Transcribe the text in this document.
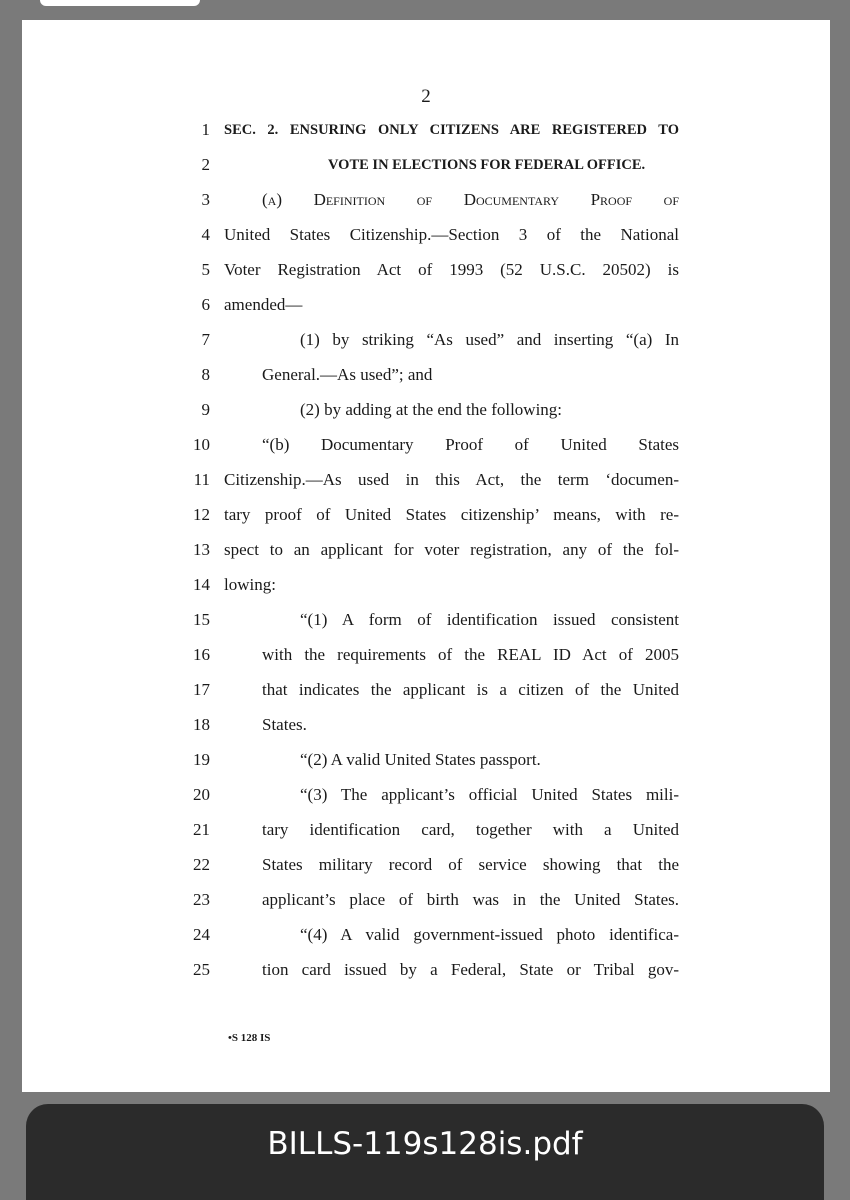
2
1 SEC. 2. ENSURING ONLY CITIZENS ARE REGISTERED TO
2	VOTE IN ELECTIONS FOR FEDERAL OFFICE.
3	(a) Definition of Documentary Proof of
4 United States Citizenship.—Section 3 of the National
5 Voter Registration Act of 1993 (52 U.S.C. 20502) is
6 amended—
7	(1) by striking “As used” and inserting “(a) In
8	General.—As used”; and
9	(2) by adding at the end the following:
10	“(b) Documentary Proof of United States
11 Citizenship.—As used in this Act, the term ‘documen-
12 tary proof of United States citizenship’ means, with re-
13 spect to an applicant for voter registration, any of the fol-
14 lowing:
15	“(1) A form of identification issued consistent
16	with the requirements of the REAL ID Act of 2005
17	that indicates the applicant is a citizen of the United
18	States.
19	“(2) A valid United States passport.
20	“(3) The applicant’s official United States mili-
21	tary identification card, together with a United
22	States military record of service showing that the
23	applicant’s place of birth was in the United States.
24	“(4) A valid government-issued photo identifica-
25	tion card issued by a Federal, State or Tribal gov-
•S 128 IS
BILLS-119s128is.pdf
